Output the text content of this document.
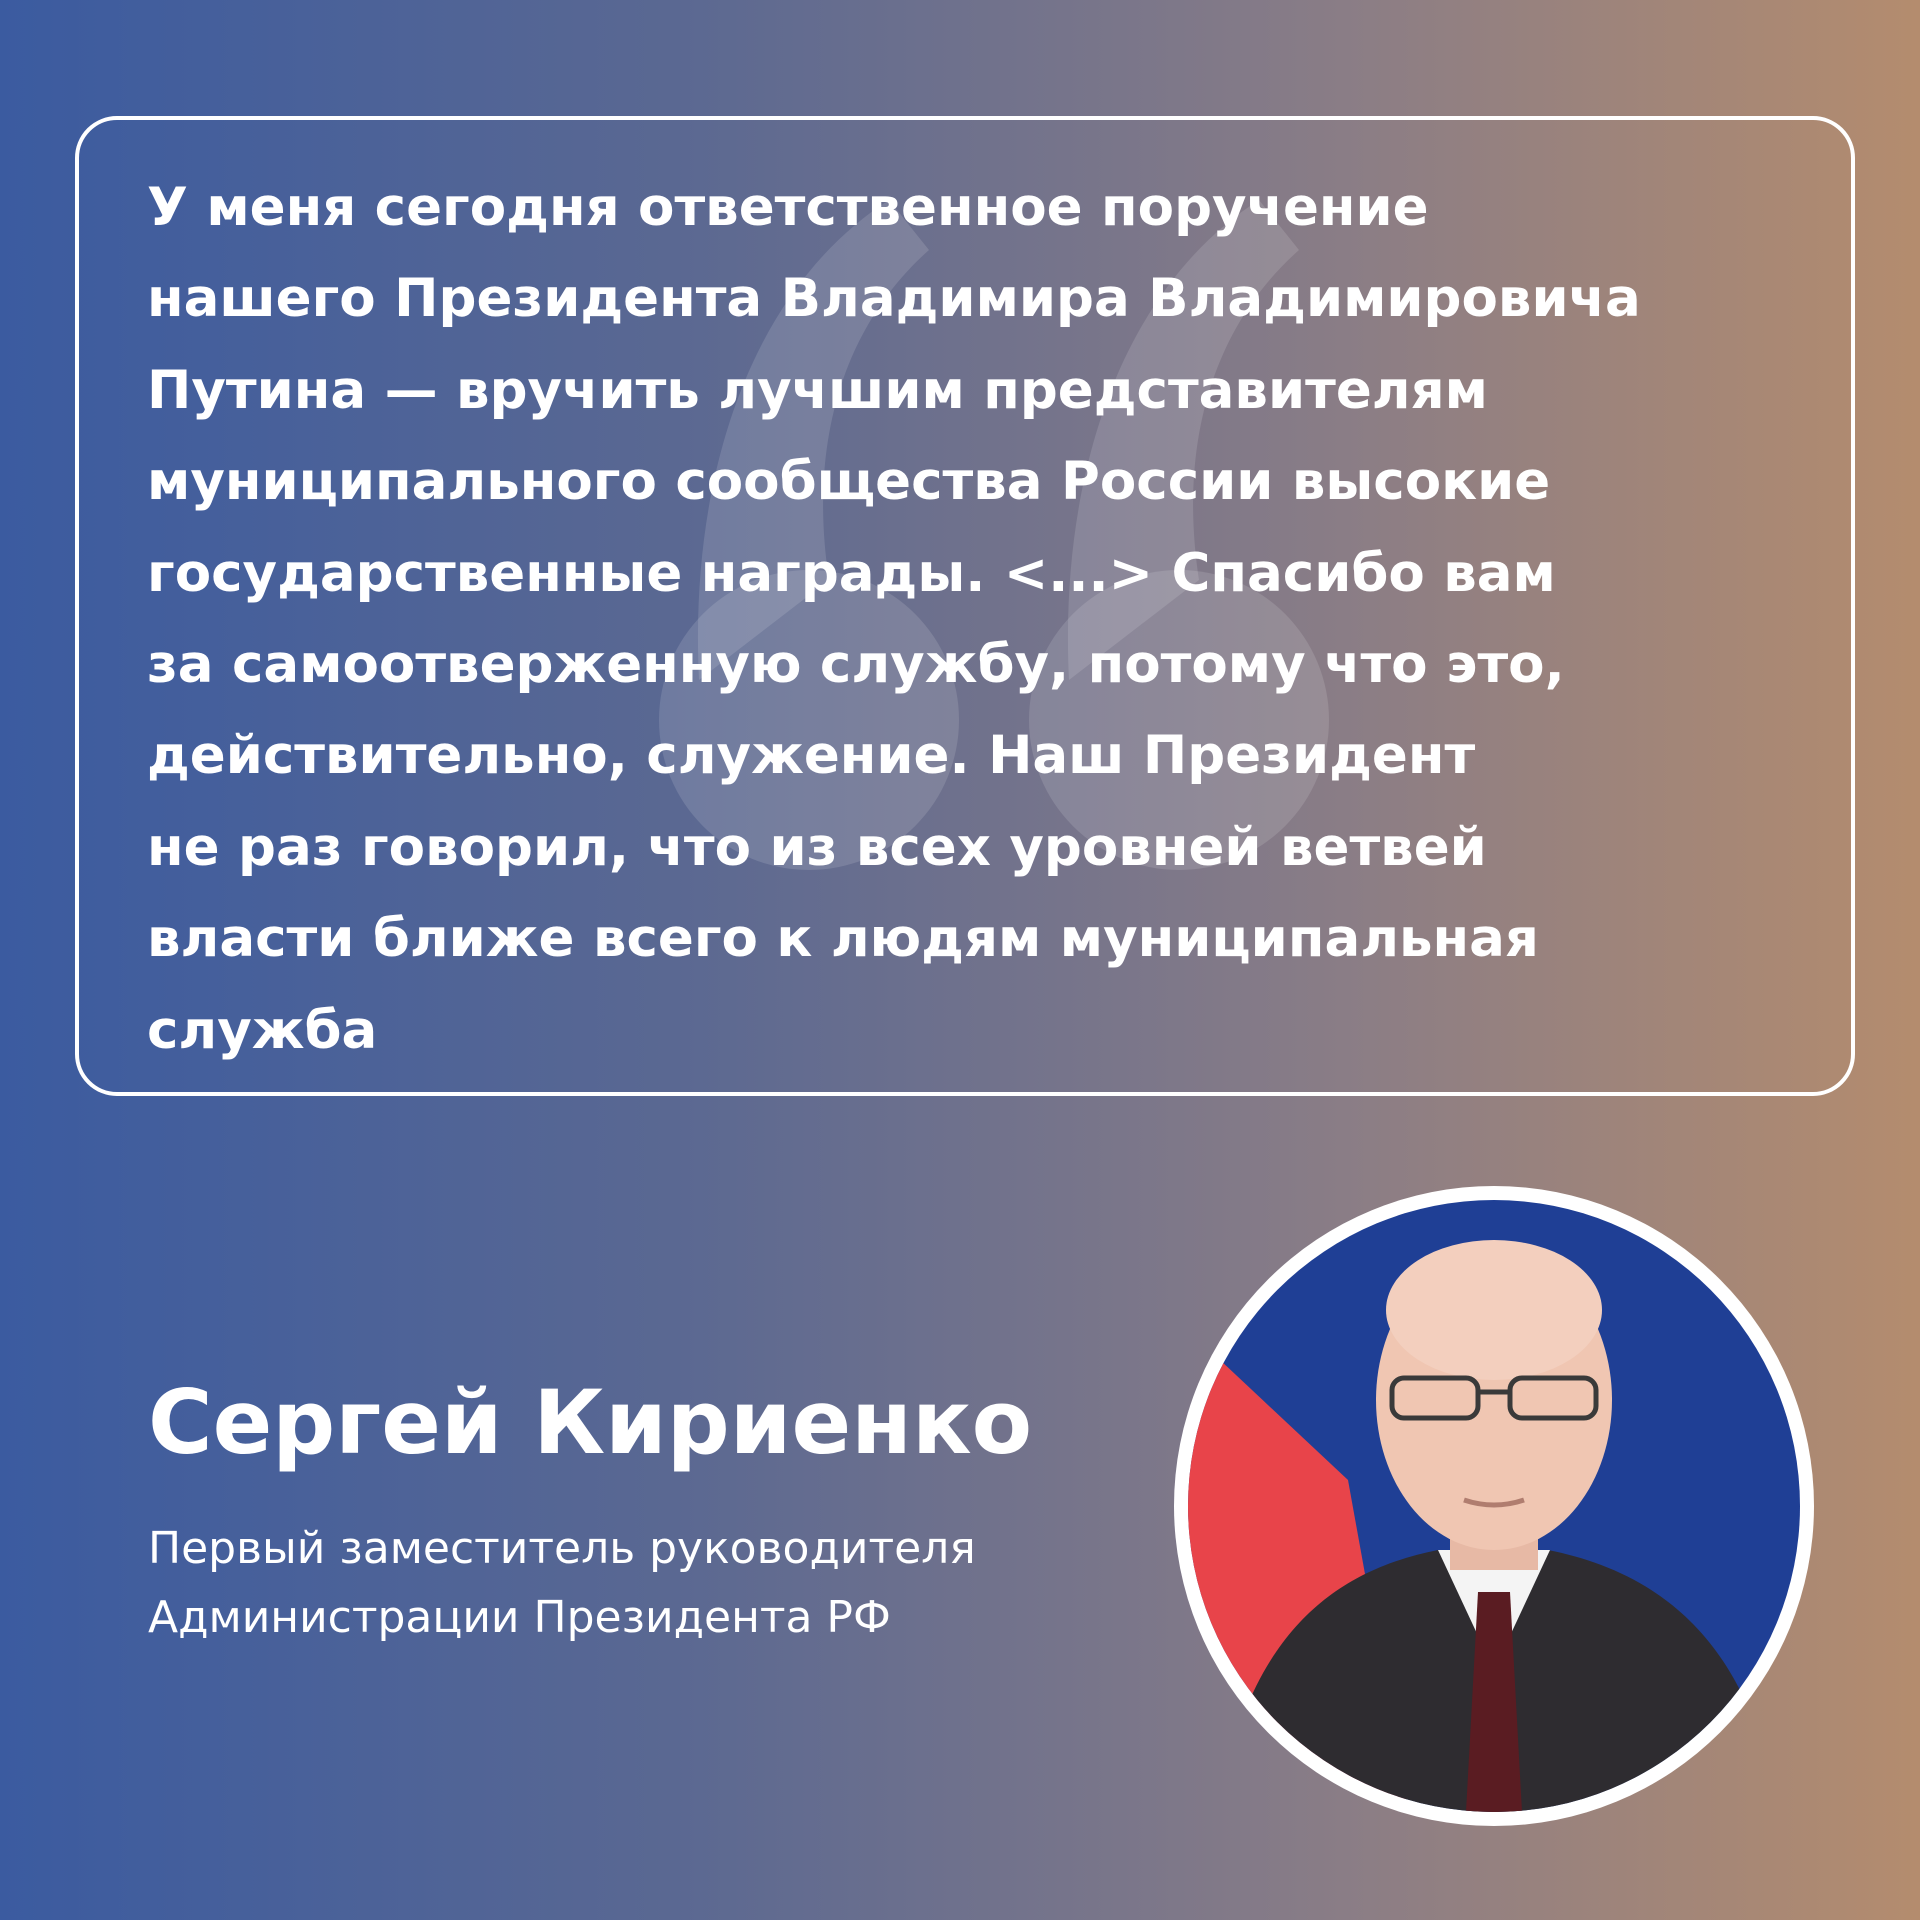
У меня сегодня ответственное поручение
нашего Президента Владимира Владимировича
Путина — вручить лучшим представителям
муниципального сообщества России высокие
государственные награды. <...> Спасибо вам
за самоотверженную службу, потому что это,
действительно, служение. Наш Президент
не раз говорил, что из всех уровней ветвей
власти ближе всего к людям муниципальная
служба

Сергей Кириенко

Первый заместитель руководителя
Администрации Президента РФ
